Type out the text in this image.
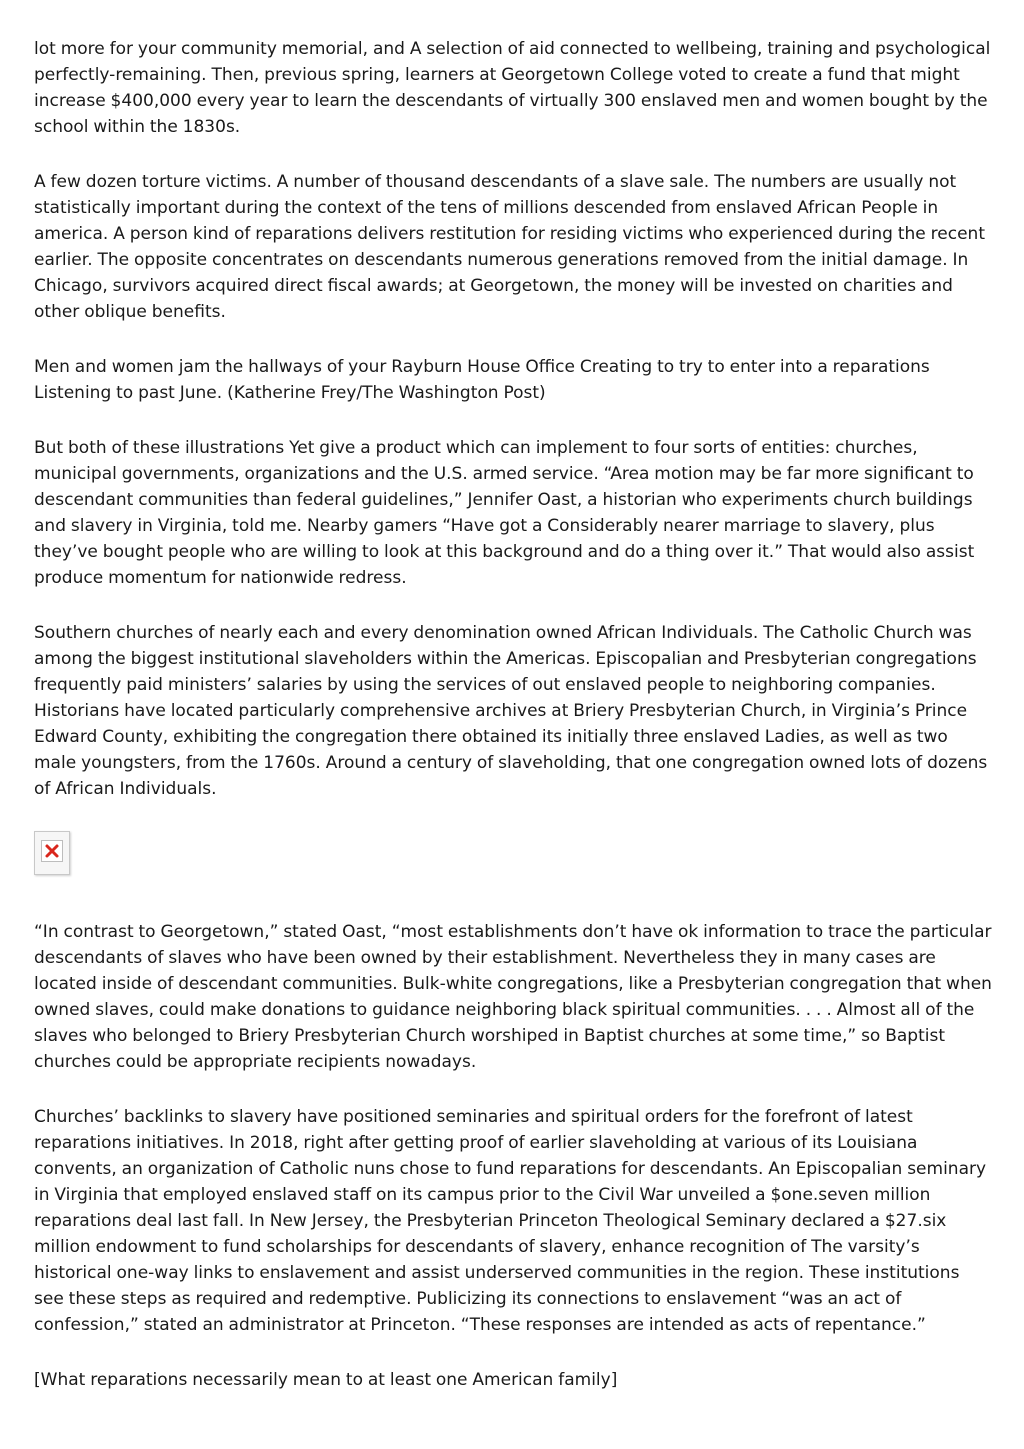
lot more for your community memorial, and A selection of aid connected to wellbeing, training and psychological perfectly-remaining. Then, previous spring, learners at Georgetown College voted to create a fund that might increase $400,000 every year to learn the descendants of virtually 300 enslaved men and women bought by the school within the 1830s.

A few dozen torture victims. A number of thousand descendants of a slave sale. The numbers are usually not statistically important during the context of the tens of millions descended from enslaved African People in america. A person kind of reparations delivers restitution for residing victims who experienced during the recent earlier. The opposite concentrates on descendants numerous generations removed from the initial damage. In Chicago, survivors acquired direct fiscal awards; at Georgetown, the money will be invested on charities and other oblique benefits.

Men and women jam the hallways of your Rayburn House Office Creating to try to enter into a reparations Listening to past June. (Katherine Frey/The Washington Post)

But both of these illustrations Yet give a product which can implement to four sorts of entities: churches, municipal governments, organizations and the U.S. armed service. “Area motion may be far more significant to descendant communities than federal guidelines,” Jennifer Oast, a historian who experiments church buildings and slavery in Virginia, told me. Nearby gamers “Have got a Considerably nearer marriage to slavery, plus they’ve bought people who are willing to look at this background and do a thing over it.” That would also assist produce momentum for nationwide redress.

Southern churches of nearly each and every denomination owned African Individuals. The Catholic Church was among the biggest institutional slaveholders within the Americas. Episcopalian and Presbyterian congregations frequently paid ministers’ salaries by using the services of out enslaved people to neighboring companies. Historians have located particularly comprehensive archives at Briery Presbyterian Church, in Virginia’s Prince Edward County, exhibiting the congregation there obtained its initially three enslaved Ladies, as well as two male youngsters, from the 1760s. Around a century of slaveholding, that one congregation owned lots of dozens of African Individuals.

“In contrast to Georgetown,” stated Oast, “most establishments don’t have ok information to trace the particular descendants of slaves who have been owned by their establishment. Nevertheless they in many cases are located inside of descendant communities. Bulk-white congregations, like a Presbyterian congregation that when owned slaves, could make donations to guidance neighboring black spiritual communities. . . . Almost all of the slaves who belonged to Briery Presbyterian Church worshiped in Baptist churches at some time,” so Baptist churches could be appropriate recipients nowadays.

Churches’ backlinks to slavery have positioned seminaries and spiritual orders for the forefront of latest reparations initiatives. In 2018, right after getting proof of earlier slaveholding at various of its Louisiana convents, an organization of Catholic nuns chose to fund reparations for descendants. An Episcopalian seminary in Virginia that employed enslaved staff on its campus prior to the Civil War unveiled a $one.seven million reparations deal last fall. In New Jersey, the Presbyterian Princeton Theological Seminary declared a $27.six million endowment to fund scholarships for descendants of slavery, enhance recognition of The varsity’s historical one-way links to enslavement and assist underserved communities in the region. These institutions see these steps as required and redemptive. Publicizing its connections to enslavement “was an act of confession,” stated an administrator at Princeton. “These responses are intended as acts of repentance.”

[What reparations necessarily mean to at least one American family]
